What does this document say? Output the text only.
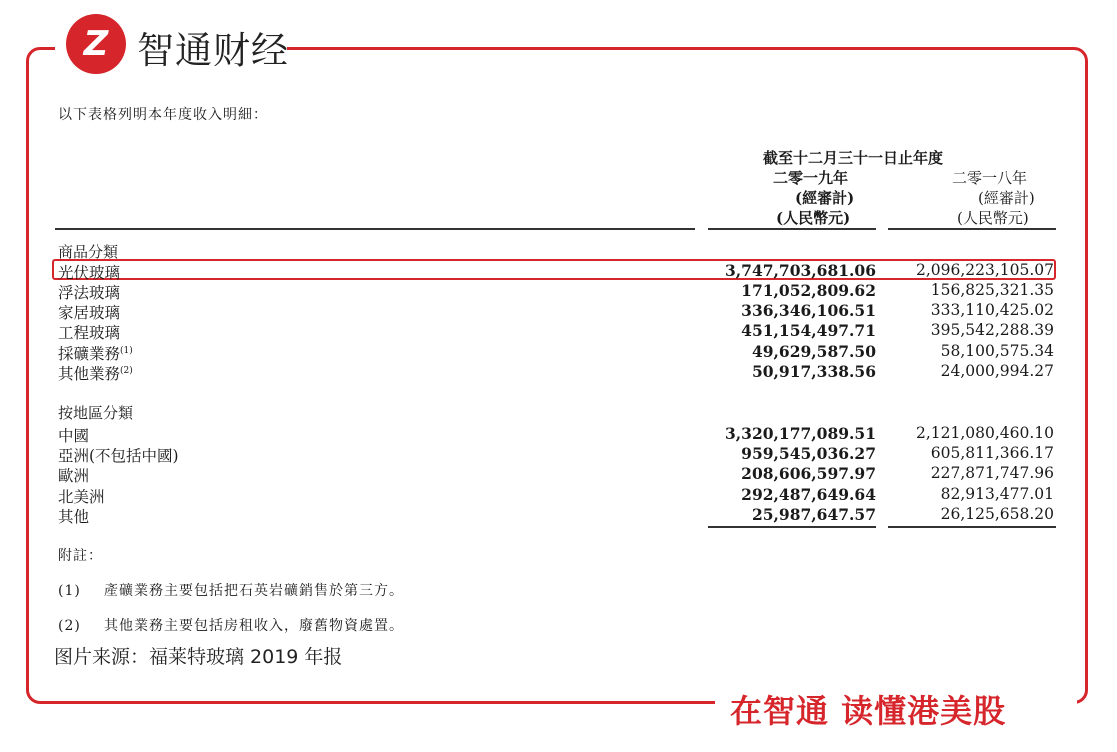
Z 智通财经
以下表格列明本年度收入明細：
截至十二月三十一日止年度
二零一九年
(經審計)
(人民幣元)
二零一八年
(經審計)
(人民幣元)
商品分類
光伏玻璃	3,747,703,681.06	2,096,223,105.07
浮法玻璃	171,052,809.62	156,825,321.35
家居玻璃	336,346,106.51	333,110,425.02
工程玻璃	451,154,497.71	395,542,288.39
採礦業務$^{(1)}$	49,629,587.50	58,100,575.34
其他業務$^{(2)}$	50,917,338.56	24,000,994.27
按地區分類
中國	3,320,177,089.51	2,121,080,460.10
亞洲(不包括中國)	959,545,036.27	605,811,366.17
歐洲	208,606,597.97	227,871,747.96
北美洲	292,487,649.64	82,913,477.01
其他	25,987,647.57	26,125,658.20
附註：
(1) 產礦業務主要包括把石英岩礦銷售於第三方。
(2) 其他業務主要包括房租收入，廢舊物資處置。
图片来源：福莱特玻璃 2019 年报
在智通 读懂港美股
